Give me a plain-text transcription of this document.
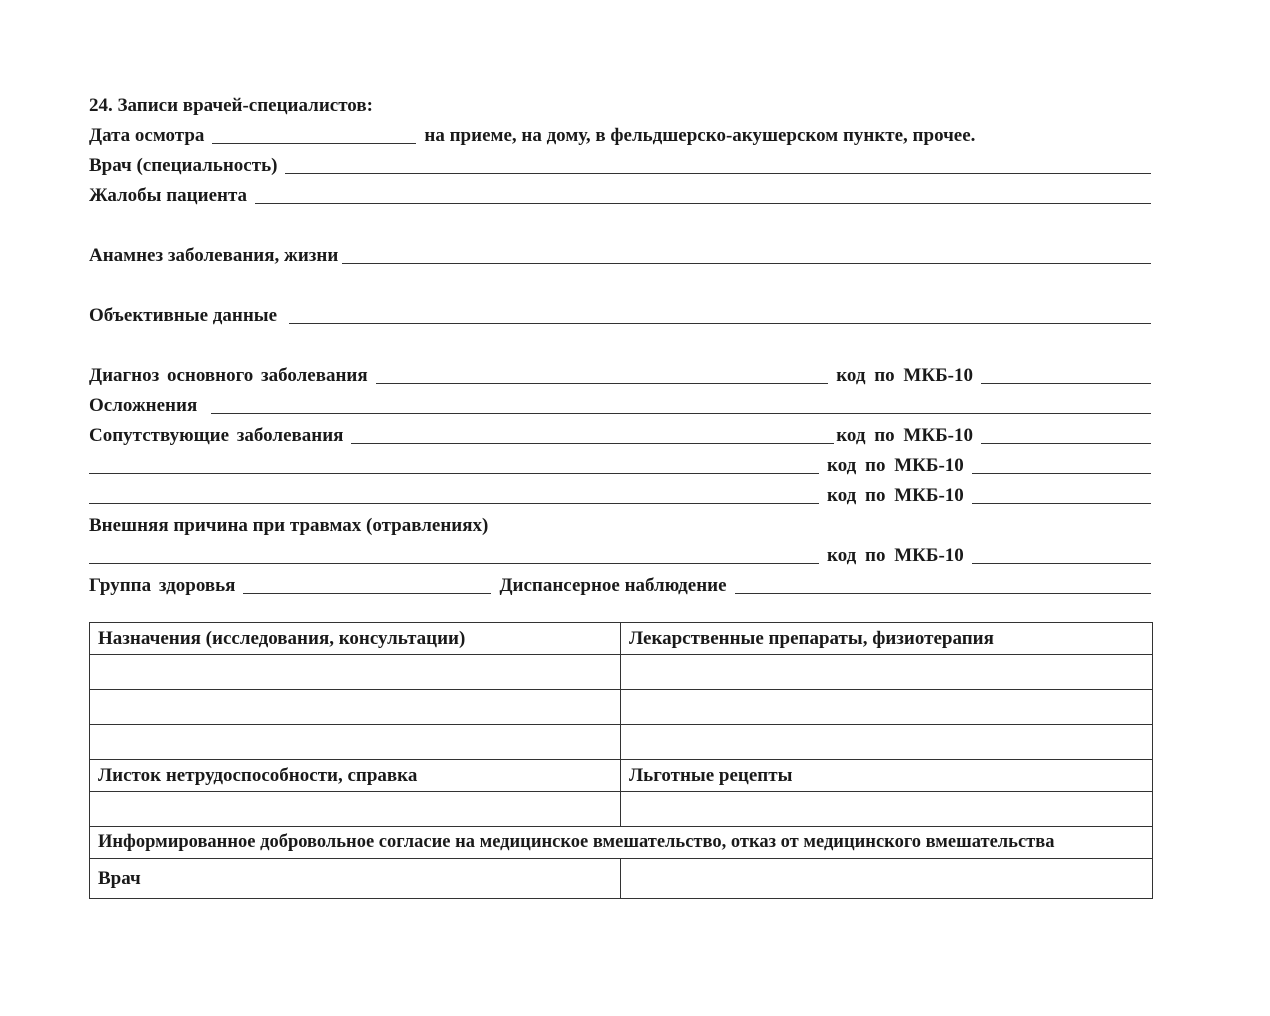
24. Записи врачей-специалистов:
Дата осмотра	на приеме, на дому, в фельдшерско-акушерском пункте, прочее.
Врач (специальность)
Жалобы пациента
Анамнез заболевания, жизни
Объективные данные
Диагноз основного заболевания	код по МКБ-10
Осложнения
Сопутствующие заболевания	код по МКБ-10
код по МКБ-10
код по МКБ-10
Внешняя причина при травмах (отравлениях)
код по МКБ-10
Группа здоровья	Диспансерное наблюдение
Назначения (исследования, консультации)	Лекарственные препараты, физиотерапия

Листок нетрудоспособности, справка	Льготные рецепты

Информированное добровольное согласие на медицинское вмешательство, отказ от медицинского вмешательства	
Врач	
